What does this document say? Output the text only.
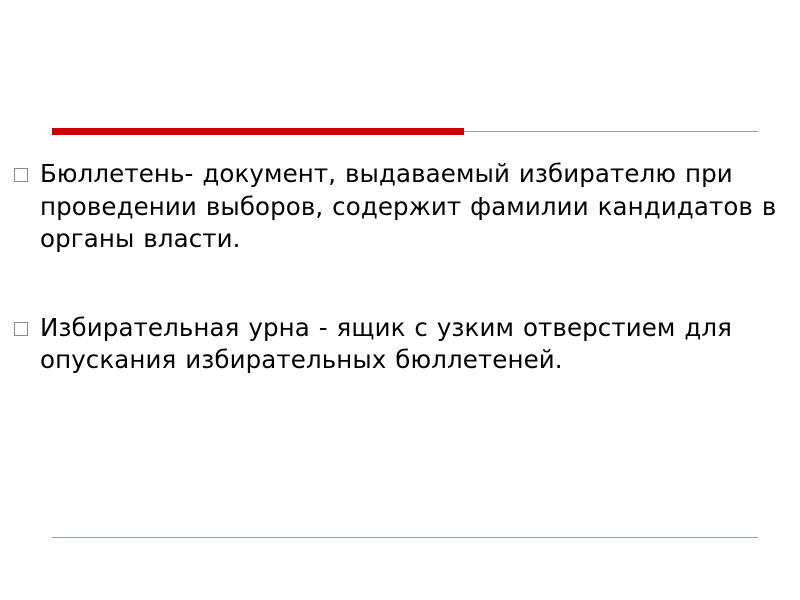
Бюллетень- документ, выдаваемый избирателю при проведении выборов, содержит фамилии кандидатов в органы власти.
Избирательная урна - ящик с узким отверстием для опускания избирательных бюллетеней.
